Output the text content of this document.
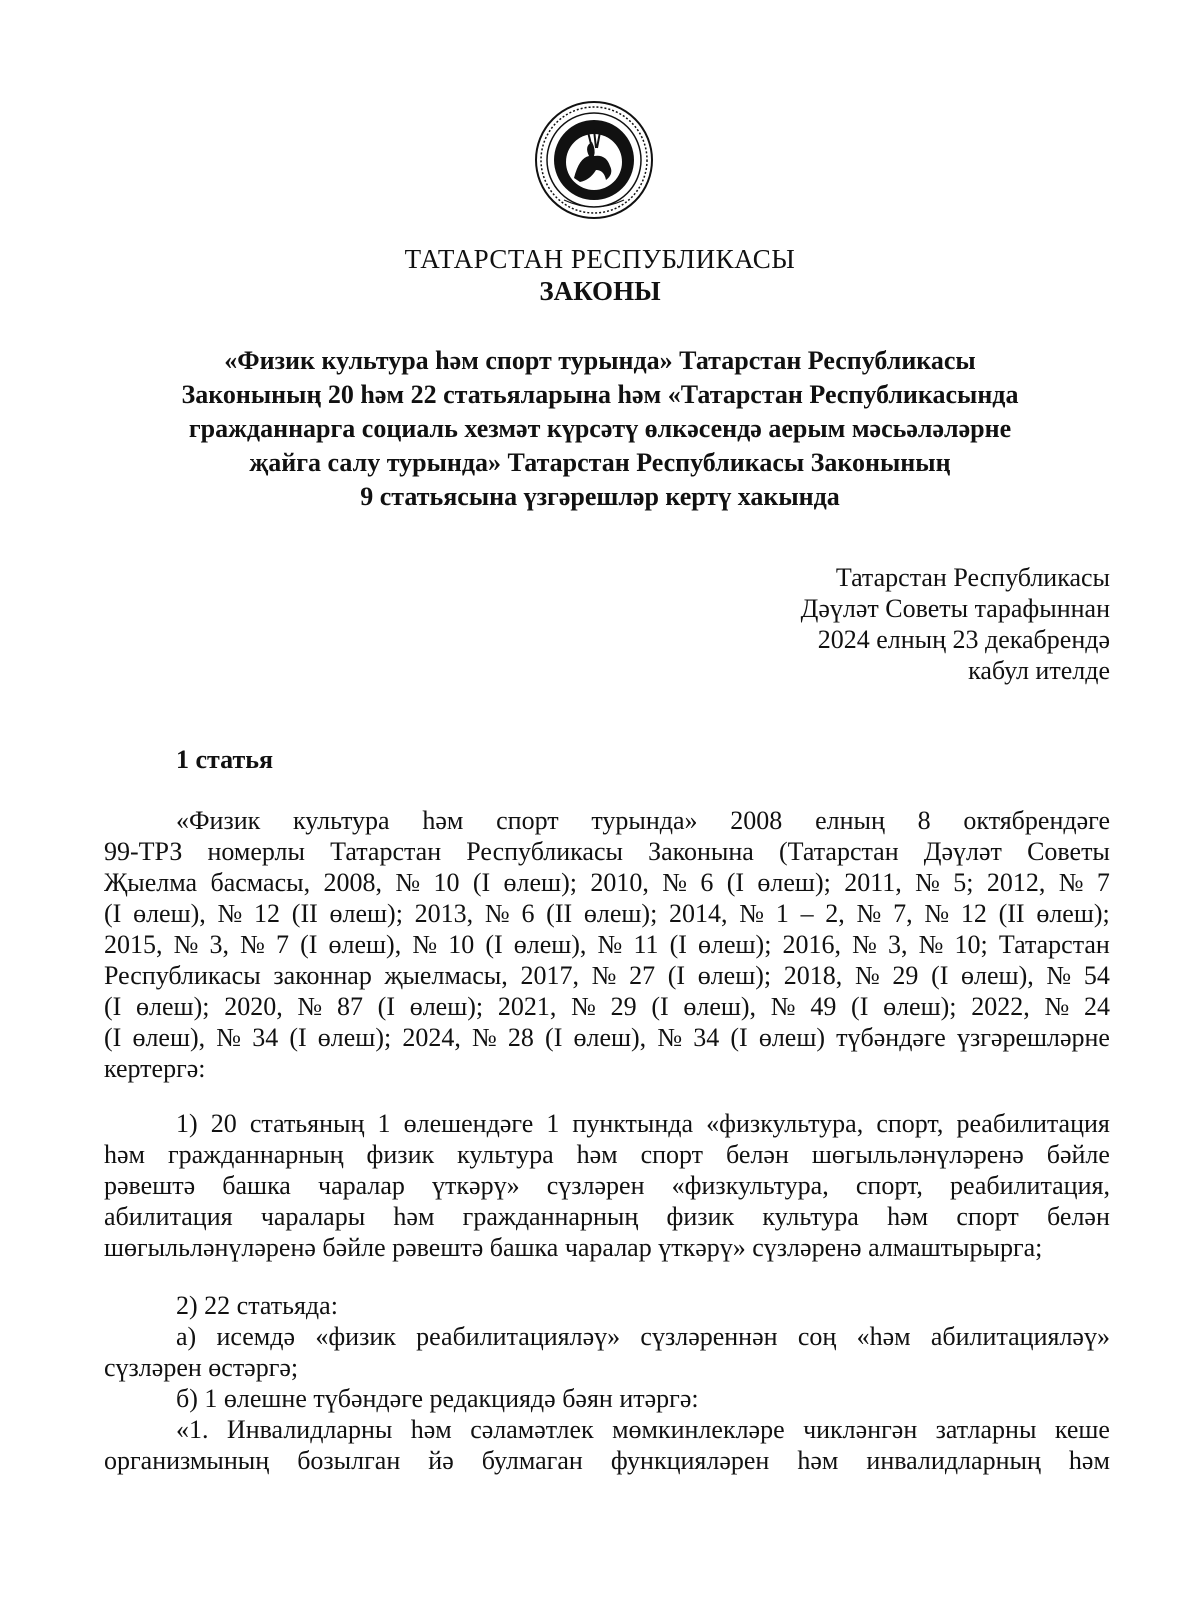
ТАТАРСТАН РЕСПУБЛИКАСЫ
ЗАКОНЫ
«Физик культура һәм спорт турында» Татарстан Республикасы
Законының 20 һәм 22 статьяларына һәм «Татарстан Республикасында
гражданнарга социаль хезмәт күрсәтү өлкәсендә аерым мәсьәләләрне
җайга салу турында» Татарстан Республикасы Законының
9 статьясына үзгәрешләр кертү хакында
Татарстан Республикасы
Дәүләт Советы тарафыннан
2024 елның 23 декабрендә
кабул ителде
1 статья
«Физик культура һәм спорт турында» 2008 елның 8 октябрендәге
99-ТРЗ номерлы Татарстан Республикасы Законына (Татарстан Дәүләт Советы
Җыелма басмасы, 2008, № 10 (I өлеш); 2010, № 6 (I өлеш); 2011, № 5; 2012, № 7
(I өлеш), № 12 (II өлеш); 2013, № 6 (II өлеш); 2014, № 1 – 2, № 7, № 12 (II өлеш);
2015, № 3, № 7 (I өлеш), № 10 (I өлеш), № 11 (I өлеш); 2016, № 3, № 10; Татарстан
Республикасы законнар җыелмасы, 2017, № 27 (I өлеш); 2018, № 29 (I өлеш), № 54
(I өлеш); 2020, № 87 (I өлеш); 2021, № 29 (I өлеш), № 49 (I өлеш); 2022, № 24
(I өлеш), № 34 (I өлеш); 2024, № 28 (I өлеш), № 34 (I өлеш) түбәндәге үзгәрешләрне
кертергә:
1) 20 статьяның 1 өлешендәге 1 пунктында «физкультура, спорт, реабилитация
һәм гражданнарның физик культура һәм спорт белән шөгыльләнүләренә бәйле
рәвештә башка чаралар үткәрү» сүзләрен «физкультура, спорт, реабилитация,
абилитация чаралары һәм гражданнарның физик культура һәм спорт белән
шөгыльләнүләренә бәйле рәвештә башка чаралар үткәрү» сүзләренә алмаштырырга;
2) 22 статьяда:
а) исемдә «физик реабилитацияләү» сүзләреннән соң «һәм абилитацияләү»
сүзләрен өстәргә;
б) 1 өлешне түбәндәге редакциядә бәян итәргә:
«1. Инвалидларны һәм сәламәтлек мөмкинлекләре чикләнгән затларны кеше
организмының бозылган йә булмаган функцияләрен һәм инвалидларның һәм
